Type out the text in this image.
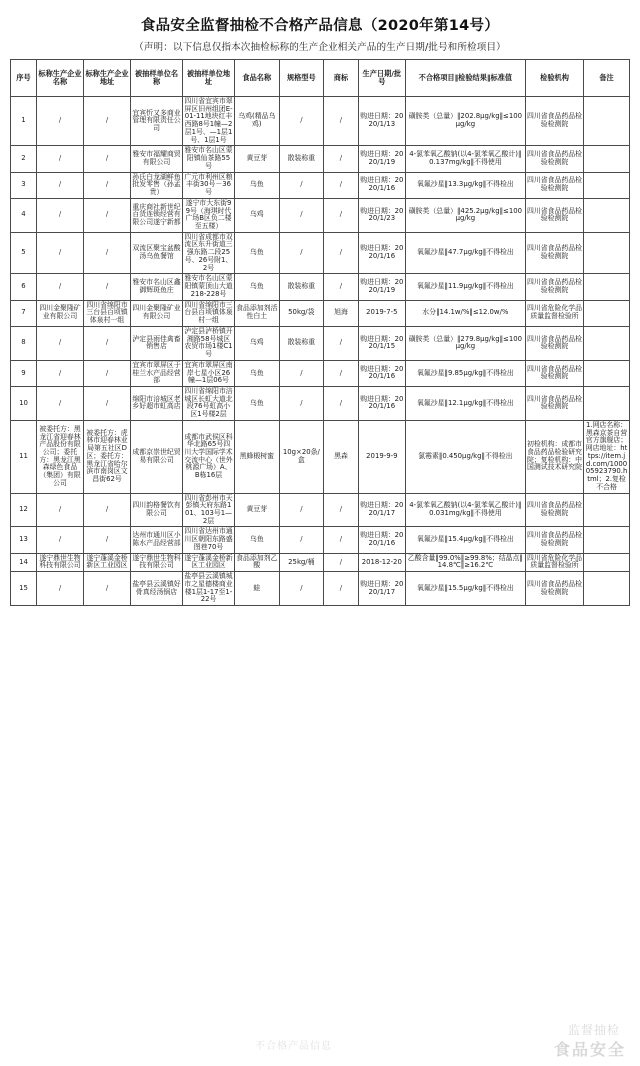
食品安全监督抽检不合格产品信息（2020年第14号）
（声明：以下信息仅指本次抽检标称的生产企业相关产品的生产日期/批号和所检项目）
序号	标称生产企业名称	标称生产企业地址	被抽样单位名称	被抽样单位地址	食品名称	规格型号	商标	生产日期/批号	不合格项目‖检验结果‖标准值	检验机构	备注
1	/	/	宜宾忻又多商业管理有限责任公司	四川省宜宾市翠屏区旧州组团E-01-11地块红丰西路8号1幢—2层1号、—1层1号、1层1号	乌鸡(精品乌鸡)	/	/	购进日期：2020/1/13	磺胺类（总量）‖202.8μg/kg‖≤100μg/kg	四川省食品药品检验检测院	
2	/	/	雅安市福耀商贸有限公司	雅安市名山区蒙阳镇仙茶路55号	黄豆芽	散装称重	/	购进日期：2020/1/19	4-氯苯氧乙酸钠(以4-氯苯氧乙酸计)‖0.137mg/kg‖不得使用	四川省食品药品检验检测院	
3	/	/	孙氏白龙湖鲜鱼批发零售（孙孟贵）	广元市利州区粮丰街30号－36号	乌鱼	/	/	购进日期：2020/1/16	氧氟沙星‖13.3μg/kg‖不得检出	四川省食品药品检验检测院	
4	/	/	重庆商社新世纪百货连锁经营有限公司遂宁新都	遂宁市大东街99号（海琪时代广场B区负二楼至五楼）	乌鸡	/	/	购进日期：2020/1/23	磺胺类（总量）‖425.2μg/kg‖≤100μg/kg	四川省食品药品检验检测院	
5	/	/	双流区聚宝盆酸汤乌鱼餐馆	四川省成都市双流区东升街道三强东路二段25号、26号附1、2号	乌鱼	/	/	购进日期：2020/1/16	氧氟沙星‖47.7μg/kg‖不得检出	四川省食品药品检验检测院	
6	/	/	雅安市名山区鑫御辉斑鱼庄	雅安市名山区蒙阳镇蒙顶山大道218-228号	乌鱼	散装称重	/	购进日期：2020/1/19	氧氟沙星‖11.9μg/kg‖不得检出	四川省食品药品检验检测院	
7	四川金聚隆矿业有限公司	四川省绵阳市三台县百顷镇体泉村一组	四川金聚隆矿业有限公司	四川省绵阳市三台县百顷镇体泉村一组	食品添加剂活性白土	50kg/袋	旭海	2019-7-5	水分‖14.1w/%‖≤12.0w/%	四川省危险化学品质量监督检验所	
8	/	/	泸定县雨佳禽畜销售店	泸定县泸桥镇开湘路58号城区农贸市场1楼C1号	乌鸡	散装称重	/	购进日期：2020/1/15	磺胺类（总量）‖279.8μg/kg‖≤100μg/kg	四川省食品药品检验检测院	
9	/	/	宜宾市翠屏区于桂兰水产品经营部	宜宾市翠屏区南岸七星小区26幢—1层06号	乌鱼	/	/	购进日期：2020/1/16	氧氟沙星‖9.85μg/kg‖不得检出	四川省食品药品检验检测院	
10	/	/	绵阳市涪城区老乡好超市虹高店	四川省绵阳市涪城区长虹大道北段76号虹高小区1号楼2层	乌鱼	/	/	购进日期：2020/1/16	氧氟沙星‖12.1μg/kg‖不得检出	四川省食品药品检验检测院	
11	被委托方：黑龙江省迎春林产品股份有限公司；委托方：黑龙江黑森绿色食品（集团）有限公司	被委托方：虎林市迎春林业局第五社区D区；委托方：黑龙江省哈尔滨市南岗区文昌街62号	成都京崇世纪贸易有限公司	成都市武侯区科华北路65号四川大学国际学术交流中心（世外桃源广场）A、B栋16层	黑蜂椴树蜜	10g×20条/盒	黑森	2019-9-9	氯霉素‖0.450μg/kg‖不得检出	初检机构：成都市食品药品检验研究院；复检机构：中国测试技术研究院	1.网店名称：黑森京茶自营官方旗舰店；网店地址：https://item.jd.com/100005923790.html；2.复检不合格
12	/	/	四川韵格餐饮有限公司	四川省彭州市天彭镇天府东路101、103号1—2层	黄豆芽	/	/	购进日期：2020/1/17	4-氯苯氧乙酸钠(以4-氯苯氧乙酸计)‖0.031mg/kg‖不得使用	四川省食品药品检验检测院	
13	/	/	达州市通川区小陈水产品经营部	四川省达州市通川区朝阳东路盛图巷70号	乌鱼	/	/	购进日期：2020/1/16	氧氟沙星‖15.4μg/kg‖不得检出	四川省食品药品检验检测院	
14	遂宁鼎世生物科技有限公司	遂宁蓬溪金桥新区工业园区	遂宁鼎世生物科技有限公司	遂宁蓬溪金桥新区工业园区	食品添加剂乙酸	25kg/桶	/	2018-12-20	乙酸含量‖99.0%‖≥99.8%；结晶点‖14.8℃‖≥16.2℃	四川省危险化学品质量监督检验所	
15	/	/	盐亭县云溪镇好骨真经汤锅店	盐亭县云溪镇城市之星德楼商业楼1层1-17至1-22号	蛙	/	/	购进日期：2020/1/17	氧氟沙星‖15.5μg/kg‖不得检出	四川省食品药品检验检测院	
不合格产品信息
监督抽检
食品安全
